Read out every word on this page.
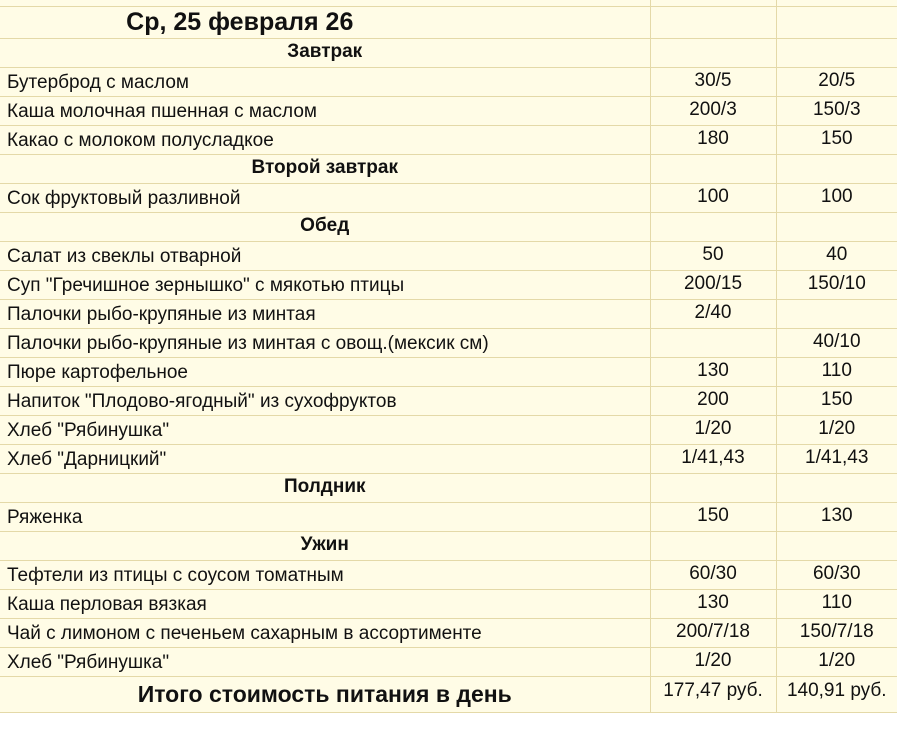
Ср, 25 февраля 26		
Завтрак		
Бутерброд с маслом	30/5	20/5
Каша молочная пшенная с маслом	200/3	150/3
Какао с молоком полусладкое	180	150
Второй завтрак		
Сок фруктовый разливной	100	100
Обед		
Салат из свеклы отварной	50	40
Суп "Гречишное зернышко" с мякотью птицы	200/15	150/10
Палочки рыбо-крупяные из минтая	2/40	
Палочки рыбо-крупяные из минтая с овощ.(мексик см)		40/10
Пюре картофельное	130	110
Напиток "Плодово-ягодный" из сухофруктов	200	150
Хлеб "Рябинушка"	1/20	1/20
Хлеб "Дарницкий"	1/41,43	1/41,43
Полдник		
Ряженка	150	130
Ужин		
Тефтели из птицы с соусом томатным	60/30	60/30
Каша перловая вязкая	130	110
Чай с лимоном с печеньем сахарным в ассортименте	200/7/18	150/7/18
Хлеб "Рябинушка"	1/20	1/20
Итого стоимость питания в день	177,47 руб.	140,91 руб.
